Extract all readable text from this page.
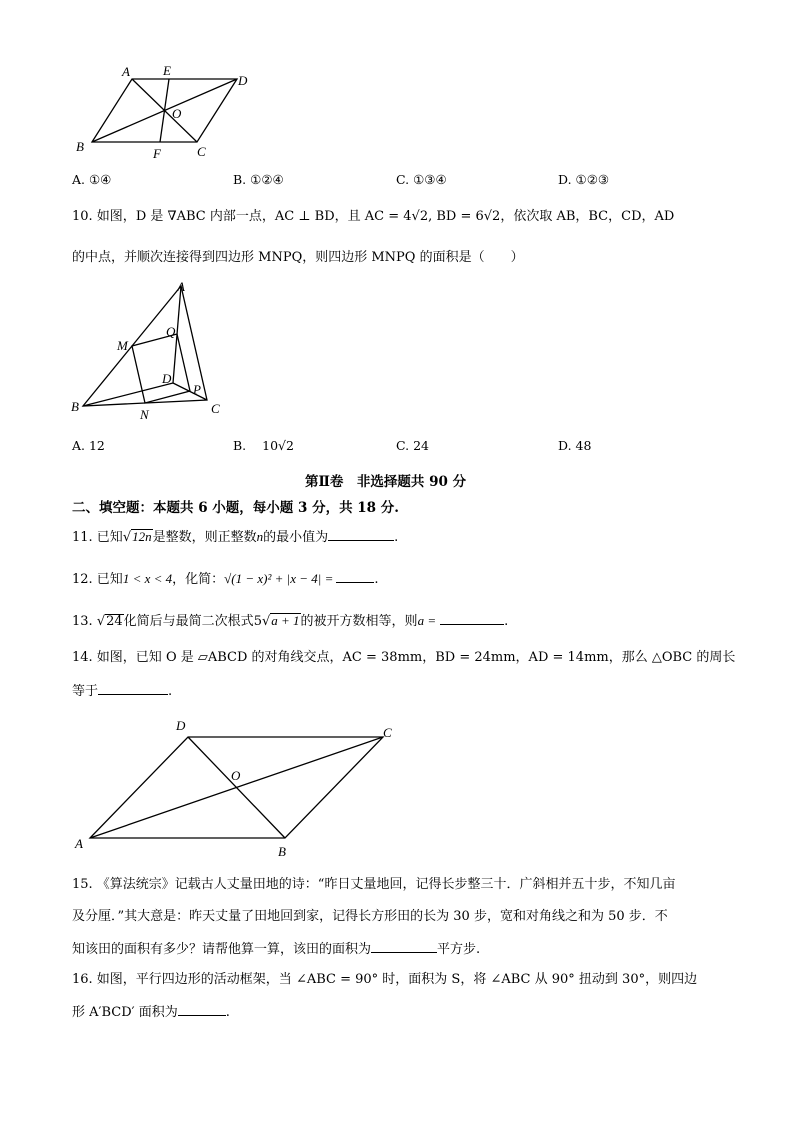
A	E
D
O
B	F	C
A. ①④	B. ①②④	C. ①③④	D. ①②③
10. 如图，D 是 ∇ABC 内部一点，AC ⊥ BD，且 AC = 4√2, BD = 6√2，依次取 AB，BC，CD，AD
的中点，并顺次连接得到四边形 MNPQ，则四边形 MNPQ 的面积是（　　）
A
M
Q
D
P
B
N	C
A. 12	B. 10√2	C. 24	D. 48
第Ⅱ卷　非选择题共 90 分
二、填空题：本题共 6 小题，每小题 3 分，共 18 分.
11. 已知√12n是整数，则正整数n的最小值为	.
12. 已知1 < x < 4，化简：√(1 − x)² + |x − 4| =	.
13. √24化简后与最简二次根式5√a + 1的被开方数相等，则a =	.
14. 如图，已知 O 是 ▱ABCD 的对角线交点，AC = 38mm，BD = 24mm，AD = 14mm，那么 △OBC 的周长
等于	.
D	C
O
A
B
15. 《算法统宗》记载古人丈量田地的诗：“昨日丈量地回，记得长步整三十．广斜相并五十步，不知几亩
及分厘．”其大意是：昨天丈量了田地回到家，记得长方形田的长为 30 步，宽和对角线之和为 50 步．不
知该田的面积有多少？请帮他算一算，该田的面积为	平方步.
16. 如图，平行四边形的活动框架，当 ∠ABC = 90° 时，面积为 S，将 ∠ABC 从 90° 扭动到 30°，则四边
形 A′BCD′ 面积为	.
